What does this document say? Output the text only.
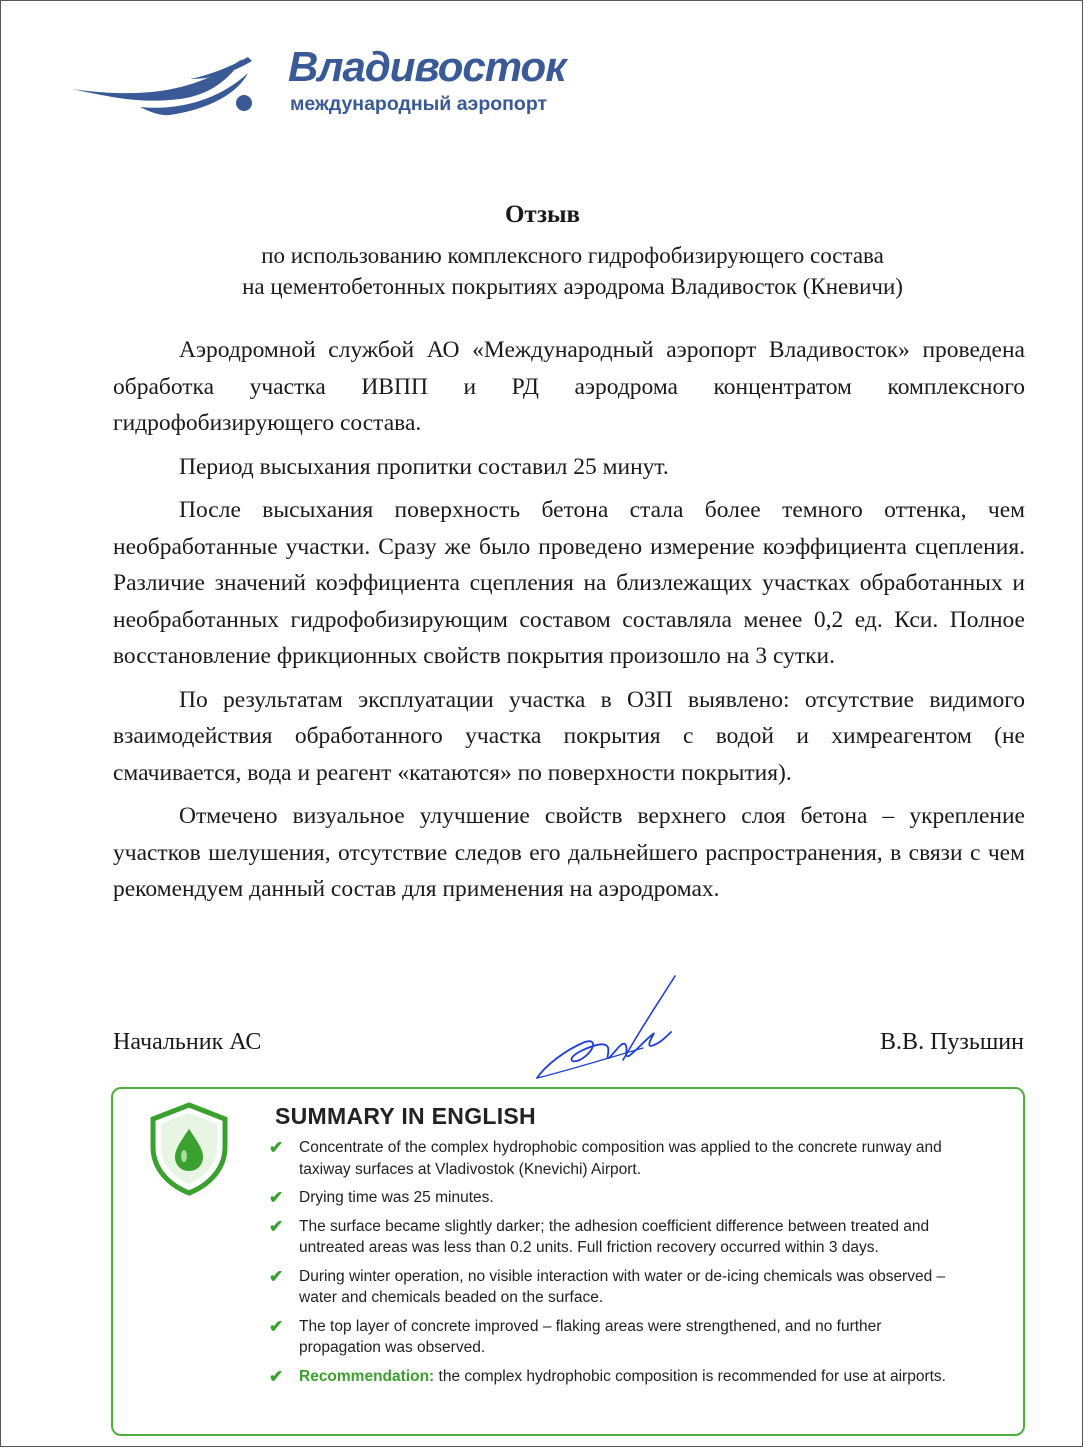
Владивосток
международный аэропорт
Отзыв
по использованию комплексного гидрофобизирующего состава
на цементобетонных покрытиях аэродрома Владивосток (Кневичи)

Аэродромной службой АО «Международный аэропорт Владивосток» проведена обработка участка ИВПП и РД аэродрома концентратом комплексного гидрофобизирующего состава.

Период высыхания пропитки составил 25 минут.

После высыхания поверхность бетона стала более темного оттенка, чем необработанные участки. Сразу же было проведено измерение коэффициента сцепления. Различие значений коэффициента сцепления на близлежащих участках обработанных и необработанных гидрофобизирующим составом составляла менее 0,2 ед. Кси. Полное восстановление фрикционных свойств покрытия произошло на 3 сутки.

По результатам эксплуатации участка в ОЗП выявлено: отсутствие видимого взаимодействия обработанного участка покрытия с водой и химреагентом (не смачивается, вода и реагент «катаются» по поверхности покрытия).

Отмечено визуальное улучшение свойств верхнего слоя бетона – укрепление участков шелушения, отсутствие следов его дальнейшего распространения, в связи с чем рекомендуем данный состав для применения на аэродромах.

Начальник АС	В.В. Пузьшин
SUMMARY IN ENGLISH
✔ Concentrate of the complex hydrophobic composition was applied to the concrete runway and taxiway surfaces at Vladivostok (Knevichi) Airport.
✔ Drying time was 25 minutes.
✔ The surface became slightly darker; the adhesion coefficient difference between treated and untreated areas was less than 0.2 units. Full friction recovery occurred within 3 days.
✔ During winter operation, no visible interaction with water or de-icing chemicals was observed – water and chemicals beaded on the surface.
✔ The top layer of concrete improved – flaking areas were strengthened, and no further propagation was observed.
✔ Recommendation: the complex hydrophobic composition is recommended for use at airports.
